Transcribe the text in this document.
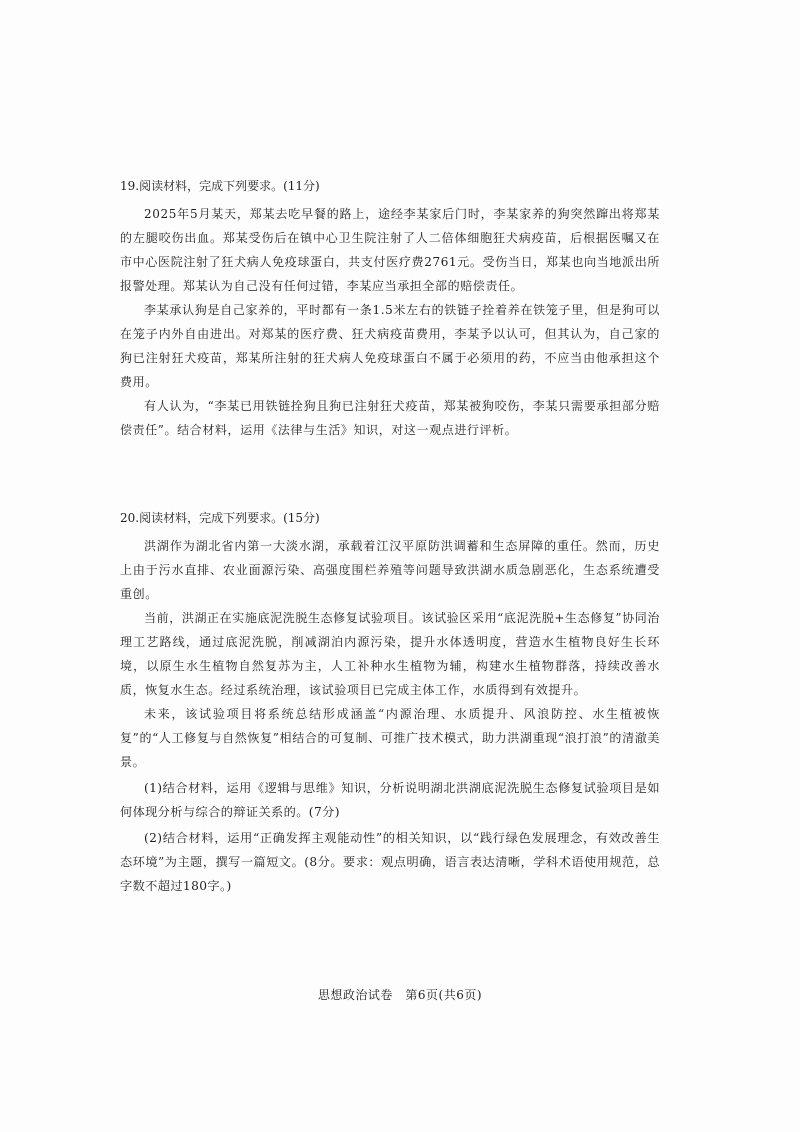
19.阅读材料，完成下列要求。(11分)

2025年5月某天，郑某去吃早餐的路上，途经李某家后门时，李某家养的狗突然蹿出将郑某的左腿咬伤出血。郑某受伤后在镇中心卫生院注射了人二倍体细胞狂犬病疫苗，后根据医嘱又在市中心医院注射了狂犬病人免疫球蛋白，共支付医疗费2761元。受伤当日，郑某也向当地派出所报警处理。郑某认为自己没有任何过错，李某应当承担全部的赔偿责任。

李某承认狗是自己家养的，平时都有一条1.5米左右的铁链子拴着养在铁笼子里，但是狗可以在笼子内外自由进出。对郑某的医疗费、狂犬病疫苗费用，李某予以认可，但其认为，自己家的狗已注射狂犬疫苗，郑某所注射的狂犬病人免疫球蛋白不属于必须用的药，不应当由他承担这个费用。

有人认为，“李某已用铁链拴狗且狗已注射狂犬疫苗，郑某被狗咬伤，李某只需要承担部分赔偿责任”。结合材料，运用《法律与生活》知识，对这一观点进行评析。

20.阅读材料，完成下列要求。(15分)

洪湖作为湖北省内第一大淡水湖，承载着江汉平原防洪调蓄和生态屏障的重任。然而，历史上由于污水直排、农业面源污染、高强度围栏养殖等问题导致洪湖水质急剧恶化，生态系统遭受重创。

当前，洪湖正在实施底泥洗脱生态修复试验项目。该试验区采用“底泥洗脱+生态修复”协同治理工艺路线，通过底泥洗脱，削减湖泊内源污染，提升水体透明度，营造水生植物良好生长环境，以原生水生植物自然复苏为主，人工补种水生植物为辅，构建水生植物群落，持续改善水质，恢复水生态。经过系统治理，该试验项目已完成主体工作，水质得到有效提升。

未来，该试验项目将系统总结形成涵盖“内源治理、水质提升、风浪防控、水生植被恢复”的“人工修复与自然恢复”相结合的可复制、可推广技术模式，助力洪湖重现“浪打浪”的清澈美景。

(1)结合材料，运用《逻辑与思维》知识，分析说明湖北洪湖底泥洗脱生态修复试验项目是如何体现分析与综合的辩证关系的。(7分)

(2)结合材料，运用“正确发挥主观能动性”的相关知识，以“践行绿色发展理念，有效改善生态环境”为主题，撰写一篇短文。(8分。要求：观点明确，语言表达清晰，学科术语使用规范，总字数不超过180字。)

思想政治试卷　第6页(共6页)
